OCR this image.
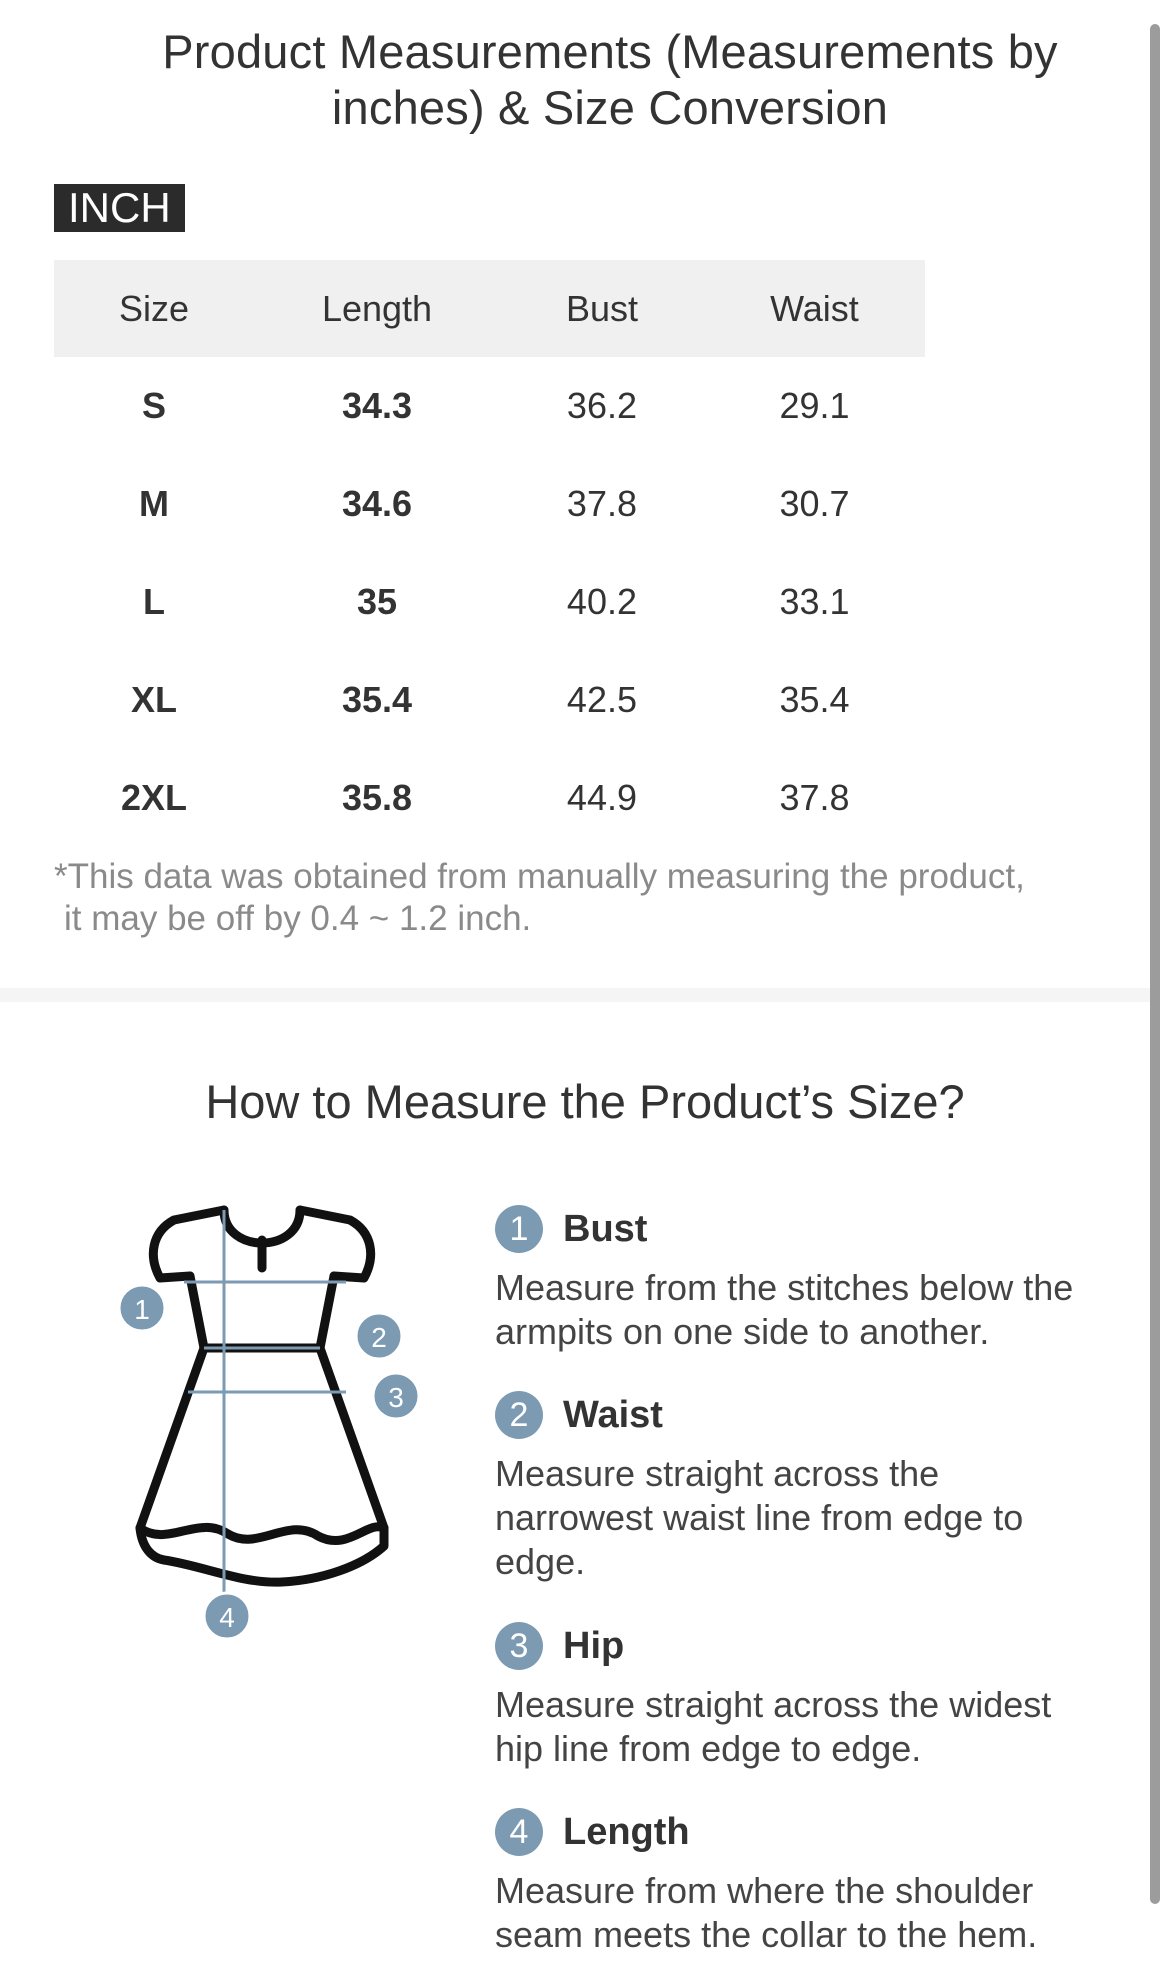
Product Measurements (Measurements by
inches) & Size Conversion
INCH
Size	Length	Bust	Waist
S	34.3	36.2	29.1
M	34.6	37.8	30.7
L	35	40.2	33.1
XL	35.4	42.5	35.4
2XL	35.8	44.9	37.8
*This data was obtained from manually measuring the product,
it may be off by 0.4 ~ 1.2 inch.
How to Measure the Product’s Size?
1
2
3
4
1 Bust
Measure from the stitches below the
armpits on one side to another.
2 Waist
Measure straight across the
narrowest waist line from edge to
edge.
3 Hip
Measure straight across the widest
hip line from edge to edge.
4 Length
Measure from where the shoulder
seam meets the collar to the hem.
